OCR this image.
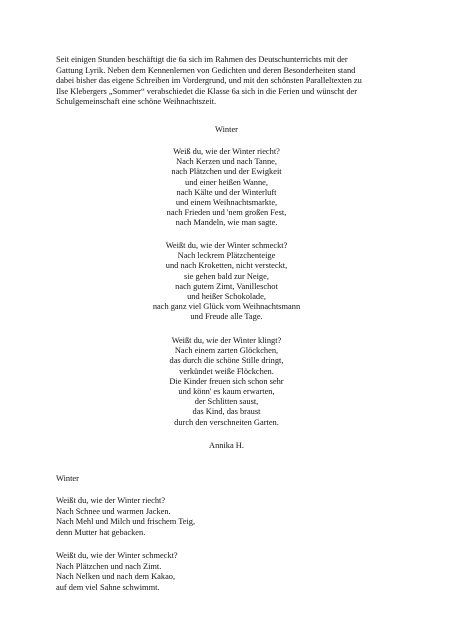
Seit einigen Stunden beschäftigt die 6a sich im Rahmen des Deutschunterrichts mit der
Gattung Lyrik. Neben dem Kennenlernen von Gedichten und deren Besonderheiten stand
dabei bisher das eigene Schreiben im Vordergrund, und mit den schönsten Paralleltexten zu
Ilse Klebergers „Sommer“ verabschiedet die Klasse 6a sich in die Ferien und wünscht der
Schulgemeinschaft eine schöne Weihnachtszeit.
Winter
Weiß du, wie der Winter riecht?
Nach Kerzen und nach Tanne,
nach Plätzchen und der Ewigkeit
und einer heißen Wanne,
nach Kälte und der Winterluft
und einem Weihnachtsmarkte,
nach Frieden und 'nem großen Fest,
nach Mandeln, wie man sagte.
Weißt du, wie der Winter schmeckt?
Nach leckrem Plätzchenteige
und nach Kroketten, nicht versteckt,
sie gehen bald zur Neige,
nach gutem Zimt, Vanilleschot
und heißer Schokolade,
nach ganz viel Glück vom Weihnachtsmann
und Freude alle Tage.
Weißt du, wie der Winter klingt?
Nach einem zarten Glöckchen,
das durch die schöne Stille dringt,
verkündet weiße Flöckchen.
Die Kinder freuen sich schon sehr
und könn' es kaum erwarten,
der Schlitten saust,
das Kind, das braust
durch den verschneiten Garten.
Annika H.
Winter
Weißt du, wie der Winter riecht?
Nach Schnee und warmen Jacken.
Nach Mehl und Milch und frischem Teig,
denn Mutter hat gebacken.
Weißt du, wie der Winter schmeckt?
Nach Plätzchen und nach Zimt.
Nach Nelken und nach dem Kakao,
auf dem viel Sahne schwimmt.
